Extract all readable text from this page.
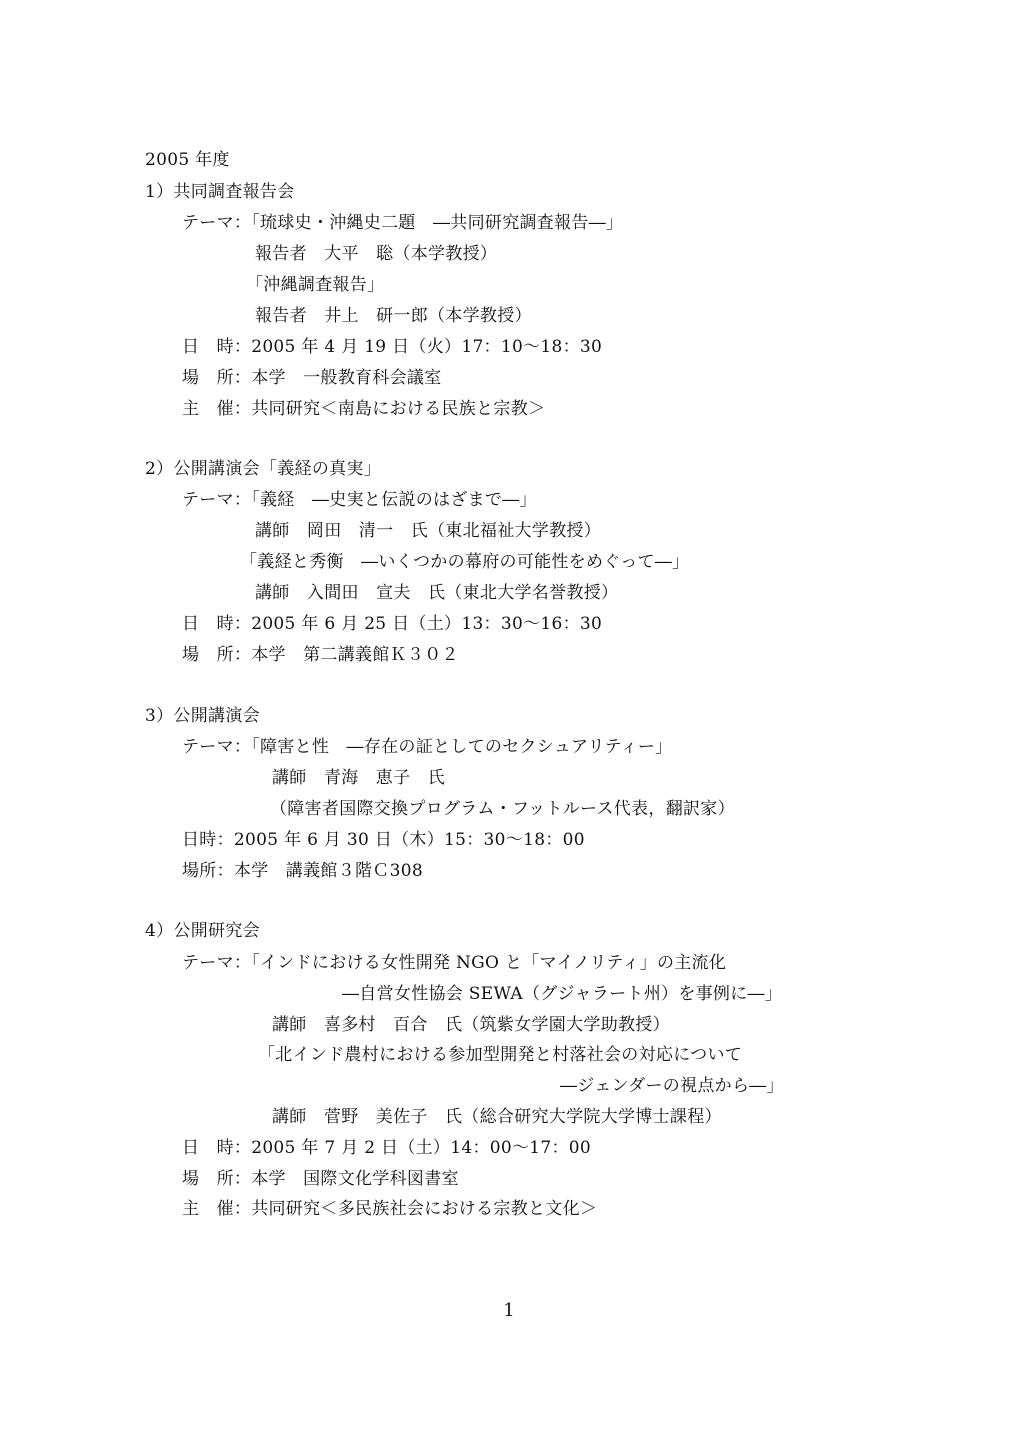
2005 年度
1）共同調査報告会
テーマ：「琉球史・沖縄史二題　―共同研究調査報告―」
報告者　大平　聡（本学教授）
「沖縄調査報告」
報告者　井上　研一郎（本学教授）
日　時：2005 年 4 月 19 日（火）17：10～18：30
場　所：本学　一般教育科会議室
主　催：共同研究＜南島における民族と宗教＞
2）公開講演会「義経の真実」
テーマ：「義経　―史実と伝説のはざまで―」
講師　岡田　清一　氏（東北福祉大学教授）
「義経と秀衡　―いくつかの幕府の可能性をめぐって―」
講師　入間田　宣夫　氏（東北大学名誉教授）
日　時：2005 年 6 月 25 日（土）13：30～16：30
場　所：本学　第二講義館Ｋ３０２
3）公開講演会
テーマ：「障害と性　―存在の証としてのセクシュアリティー」
講師　青海　恵子　氏
（障害者国際交換プログラム・フットルース代表，翻訳家）
日時：2005 年 6 月 30 日（木）15：30～18：00
場所：本学　講義館３階Ｃ308
4）公開研究会
テーマ：「インドにおける女性開発 NGO と「マイノリティ」の主流化
―自営女性協会 SEWA（グジャラート州）を事例に―」
講師　喜多村　百合　氏（筑紫女学園大学助教授）
「北インド農村における参加型開発と村落社会の対応について
―ジェンダーの視点から―」
講師　菅野　美佐子　氏（総合研究大学院大学博士課程）
日　時：2005 年 7 月 2 日（土）14：00～17：00
場　所：本学　国際文化学科図書室
主　催：共同研究＜多民族社会における宗教と文化＞
1
